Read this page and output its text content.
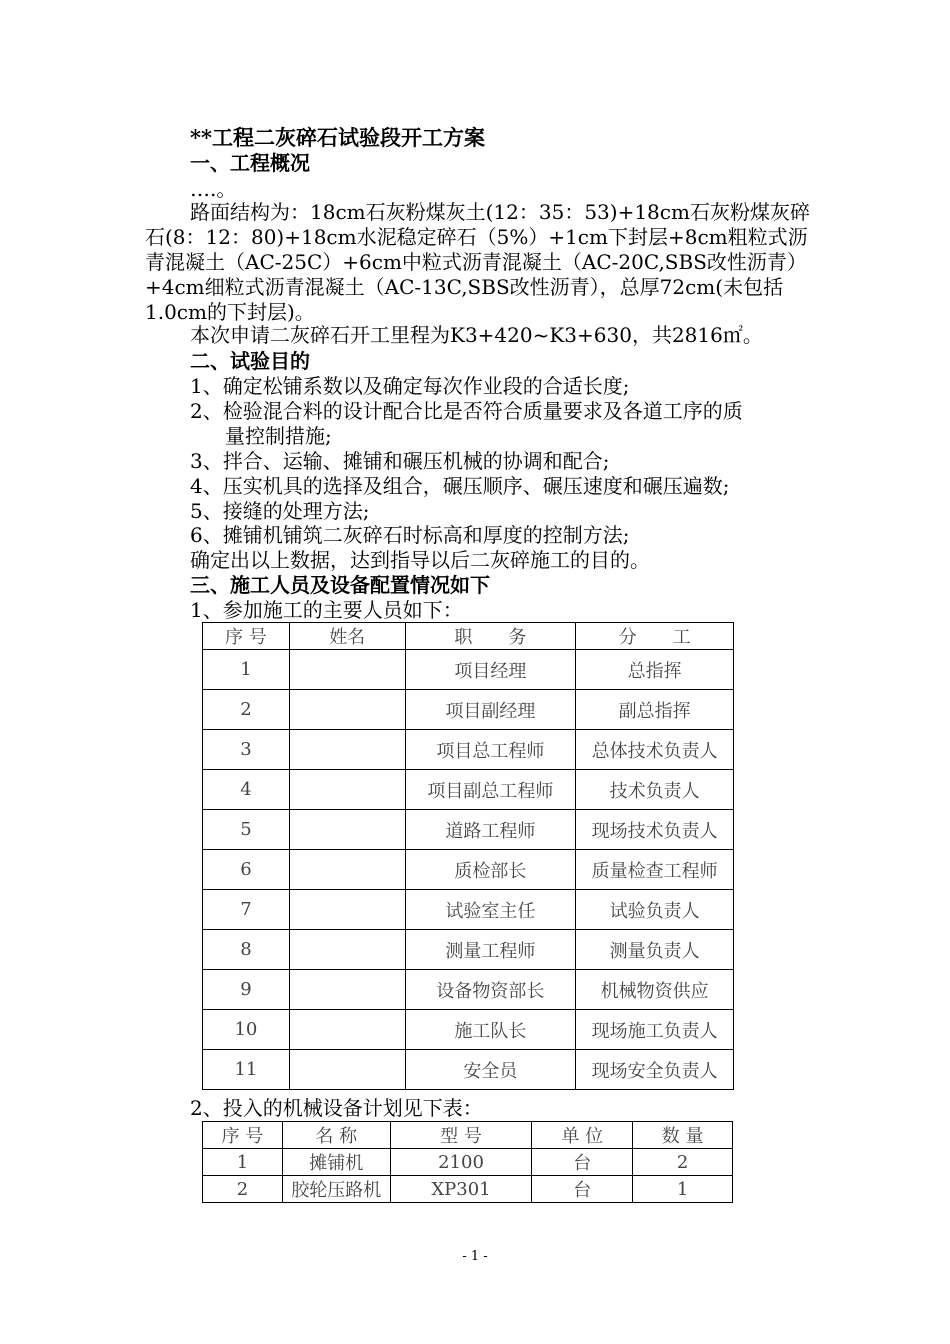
**工程二灰碎石试验段开工方案
一、工程概况
….。
路面结构为：18cm石灰粉煤灰土(12：35：53)+18cm石灰粉煤灰碎石(8：12：80)+18cm水泥稳定碎石（5%）+1cm下封层+8cm粗粒式沥青混凝土（AC-25C）+6cm中粒式沥青混凝土（AC-20C,SBS改性沥青）+4cm细粒式沥青混凝土（AC-13C,SBS改性沥青），总厚72cm(未包括1.0cm的下封层)。
本次申请二灰碎石开工里程为K3+420~K3+630，共2816㎡。
二、试验目的
1、确定松铺系数以及确定每次作业段的合适长度;
2、检验混合料的设计配合比是否符合质量要求及各道工序的质
量控制措施;
3、拌合、运输、摊铺和碾压机械的协调和配合;
4、压实机具的选择及组合，碾压顺序、碾压速度和碾压遍数;
5、接缝的处理方法;
6、摊铺机铺筑二灰碎石时标高和厚度的控制方法;
确定出以上数据，达到指导以后二灰碎施工的目的。
三、施工人员及设备配置情况如下
1、参加施工的主要人员如下：
序 号	姓名	职　　务	分　　工
1		项目经理	总指挥
2		项目副经理	副总指挥
3		项目总工程师	总体技术负责人
4		项目副总工程师	技术负责人
5		道路工程师	现场技术负责人
6		质检部长	质量检查工程师
7		试验室主任	试验负责人
8		测量工程师	测量负责人
9		设备物资部长	机械物资供应
10		施工队长	现场施工负责人
11		安全员	现场安全负责人
2、投入的机械设备计划见下表：
序 号	名 称	型 号	单 位	数 量
1	摊铺机	2100	台	2
2	胶轮压路机	XP301	台	1
- 1 -
